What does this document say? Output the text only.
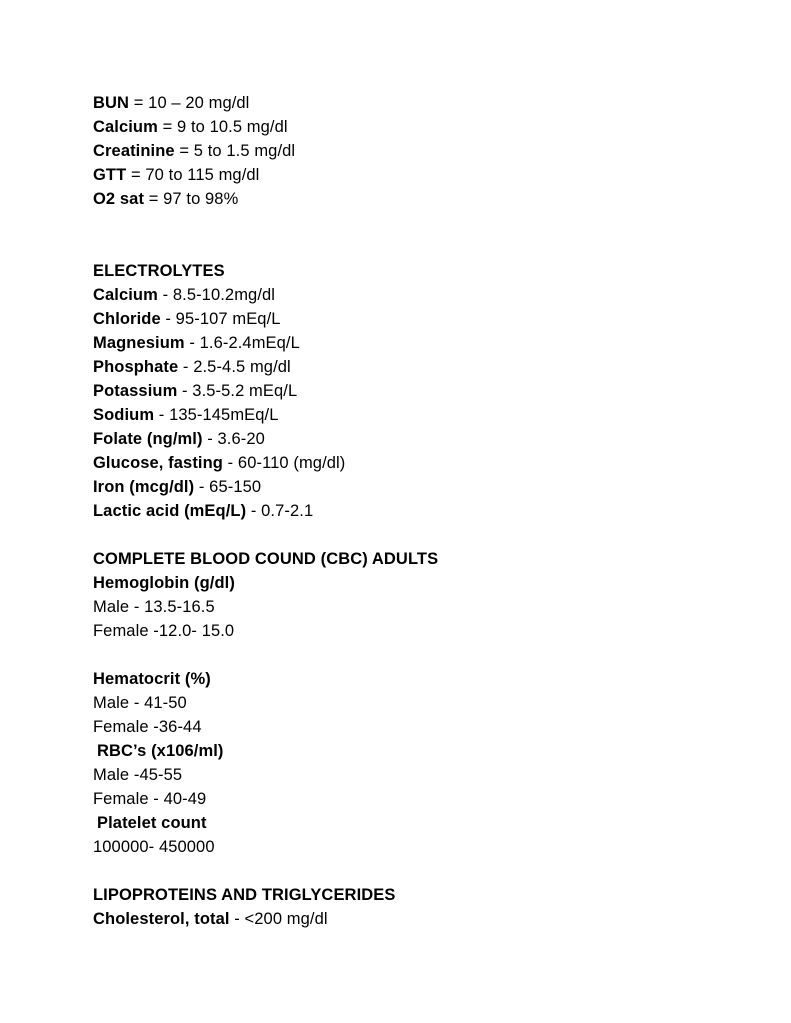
BUN = 10 – 20 mg/dl
Calcium = 9 to 10.5 mg/dl
Creatinine = 5 to 1.5 mg/dl
GTT = 70 to 115 mg/dl
O2 sat = 97 to 98%
ELECTROLYTES
Calcium - 8.5-10.2mg/dl
Chloride - 95-107 mEq/L
Magnesium - 1.6-2.4mEq/L
Phosphate - 2.5-4.5 mg/dl
Potassium - 3.5-5.2 mEq/L
Sodium - 135-145mEq/L
Folate (ng/ml) - 3.6-20
Glucose, fasting - 60-110 (mg/dl)
Iron (mcg/dl) - 65-150
Lactic acid (mEq/L) - 0.7-2.1
COMPLETE BLOOD COUND (CBC) ADULTS
Hemoglobin (g/dl)
Male - 13.5-16.5
Female -12.0- 15.0
Hematocrit (%)
Male - 41-50
Female -36-44
RBC’s (x106/ml)
Male -45-55
Female - 40-49
Platelet count
100000- 450000
LIPOPROTEINS AND TRIGLYCERIDES
Cholesterol, total - <200 mg/dl
